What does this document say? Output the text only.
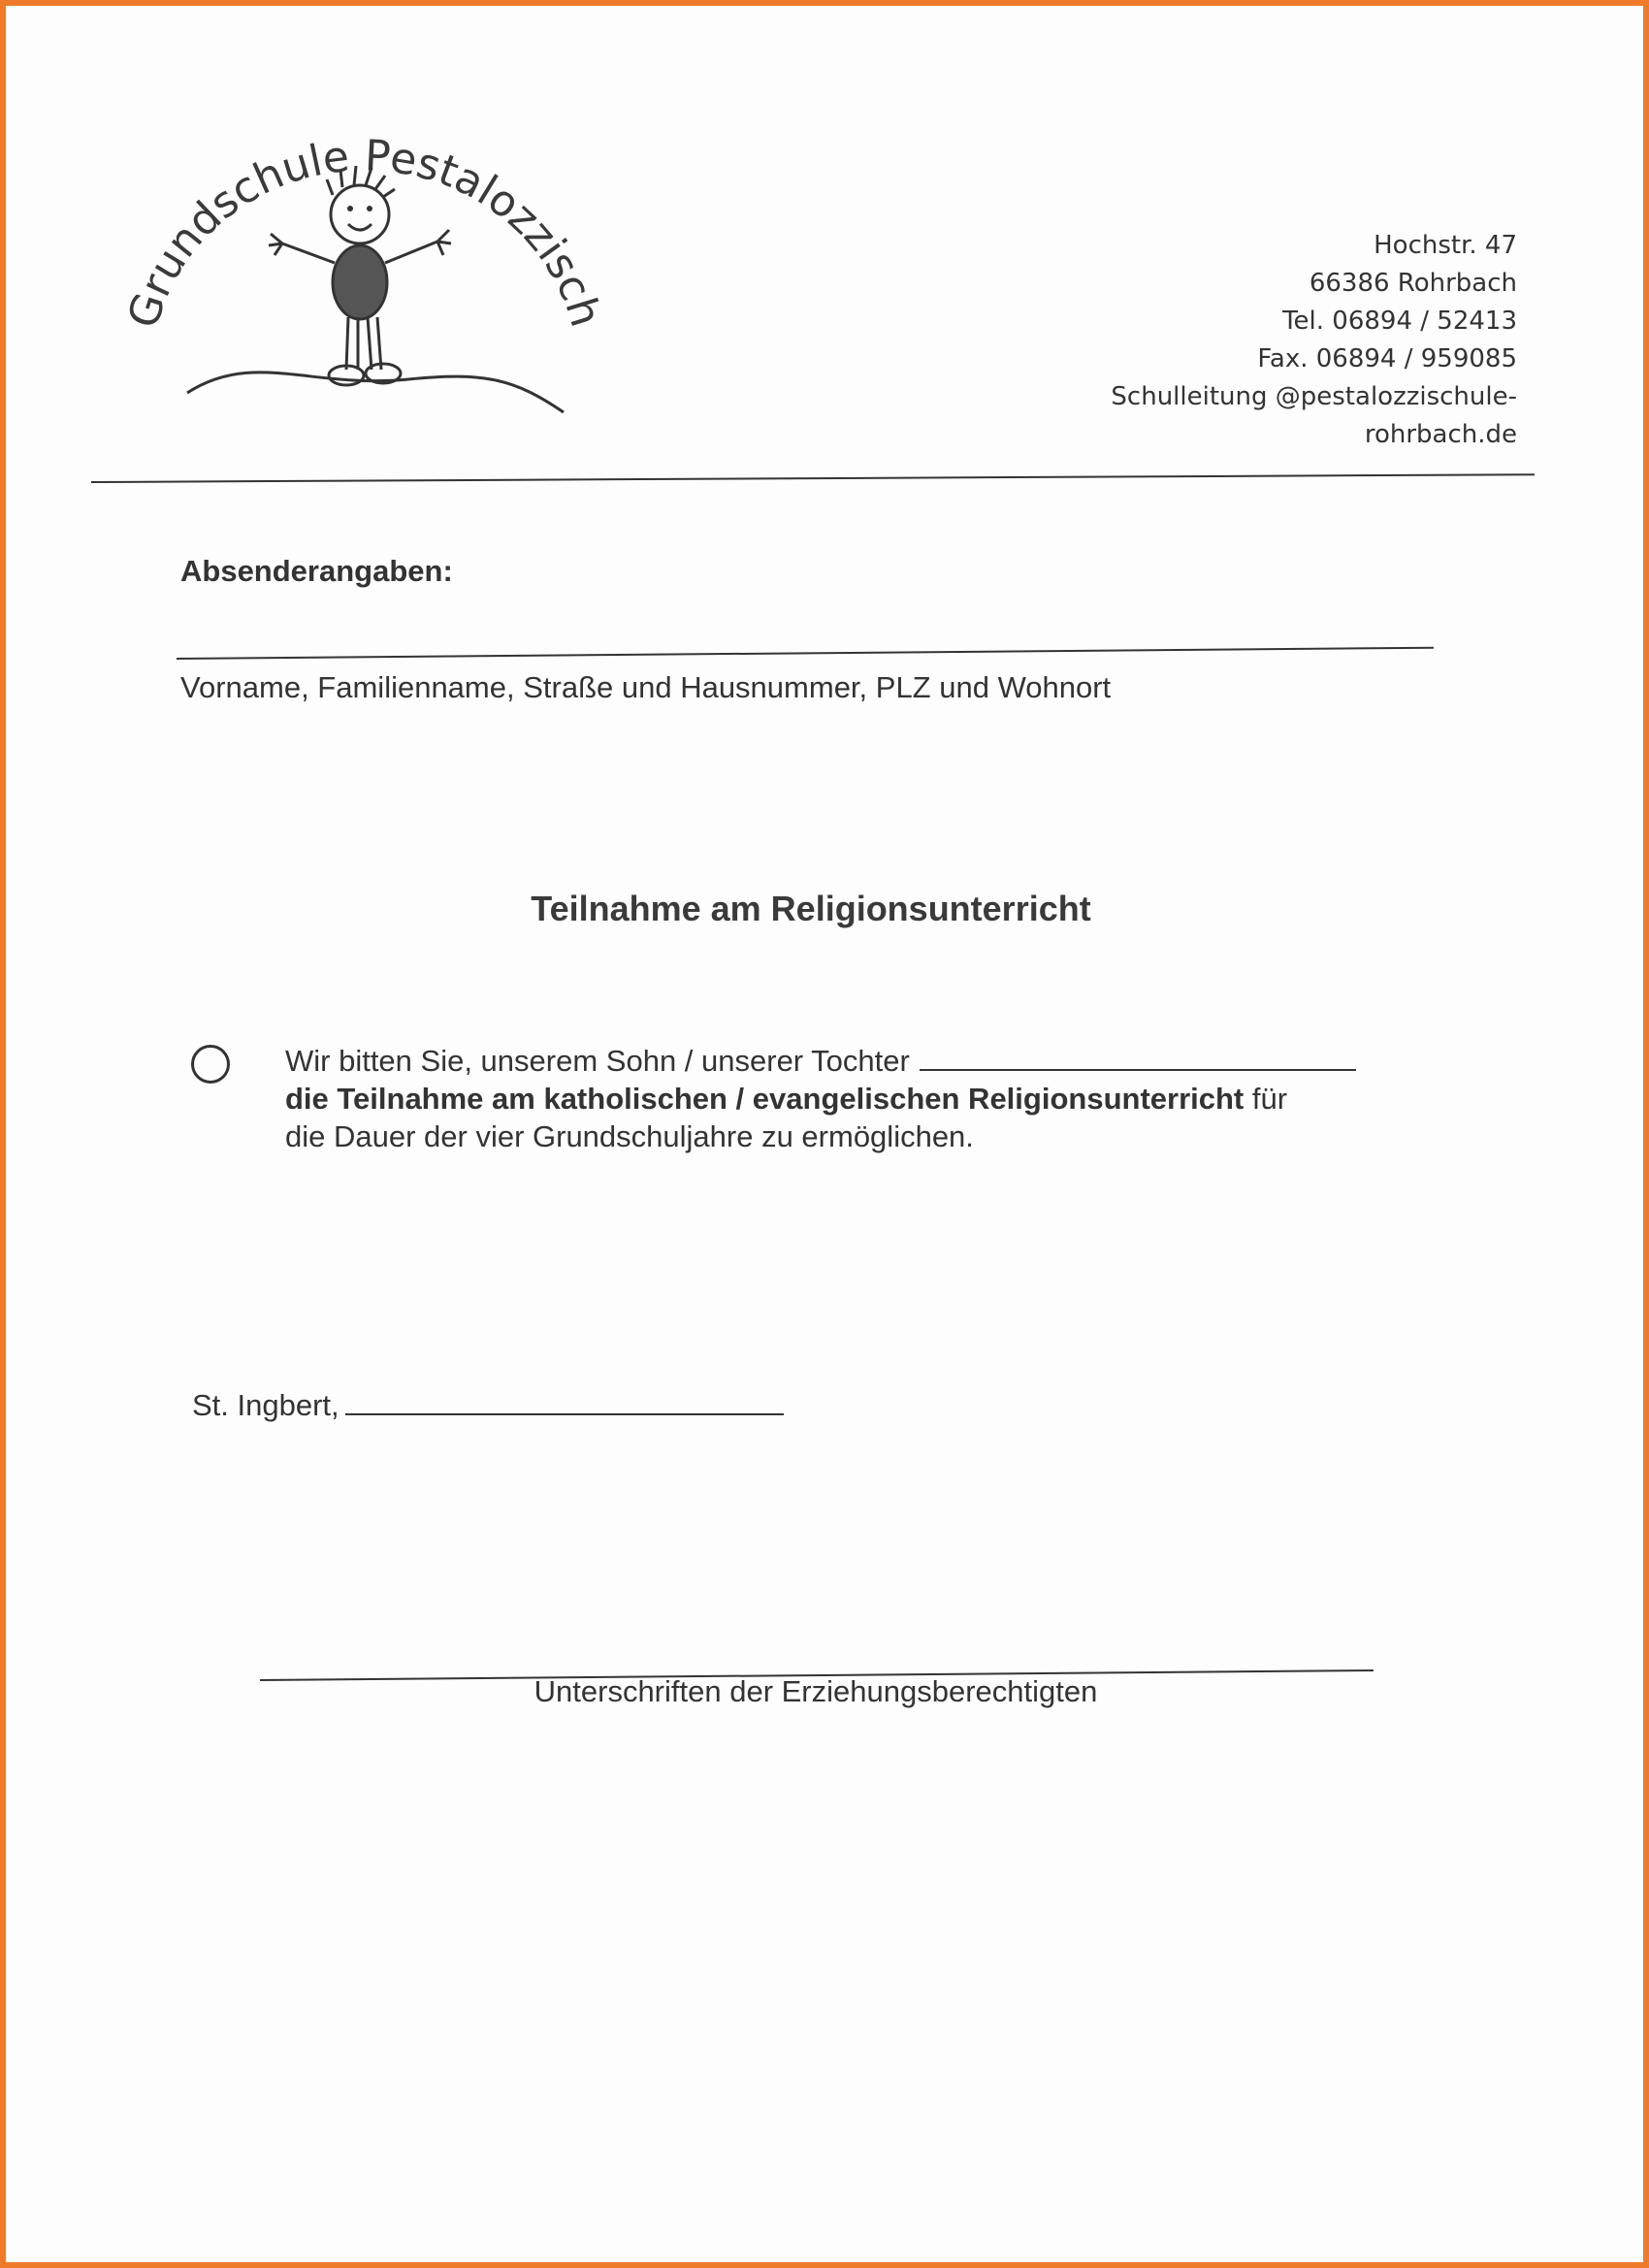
Grundschule Pestalozzisch
Hochstr. 47
66386 Rohrbach
Tel. 06894 / 52413
Fax. 06894 / 959085
Schulleitung @pestalozzischule-
rohrbach.de
Absenderangaben:
Vorname, Familienname, Straße und Hausnummer, PLZ und Wohnort
Teilnahme am Religionsunterricht
Wir bitten Sie, unserem Sohn / unserer Tochter
die Teilnahme am katholischen / evangelischen Religionsunterricht für
die Dauer der vier Grundschuljahre zu ermöglichen.
St. Ingbert,
Unterschriften der Erziehungsberechtigten
